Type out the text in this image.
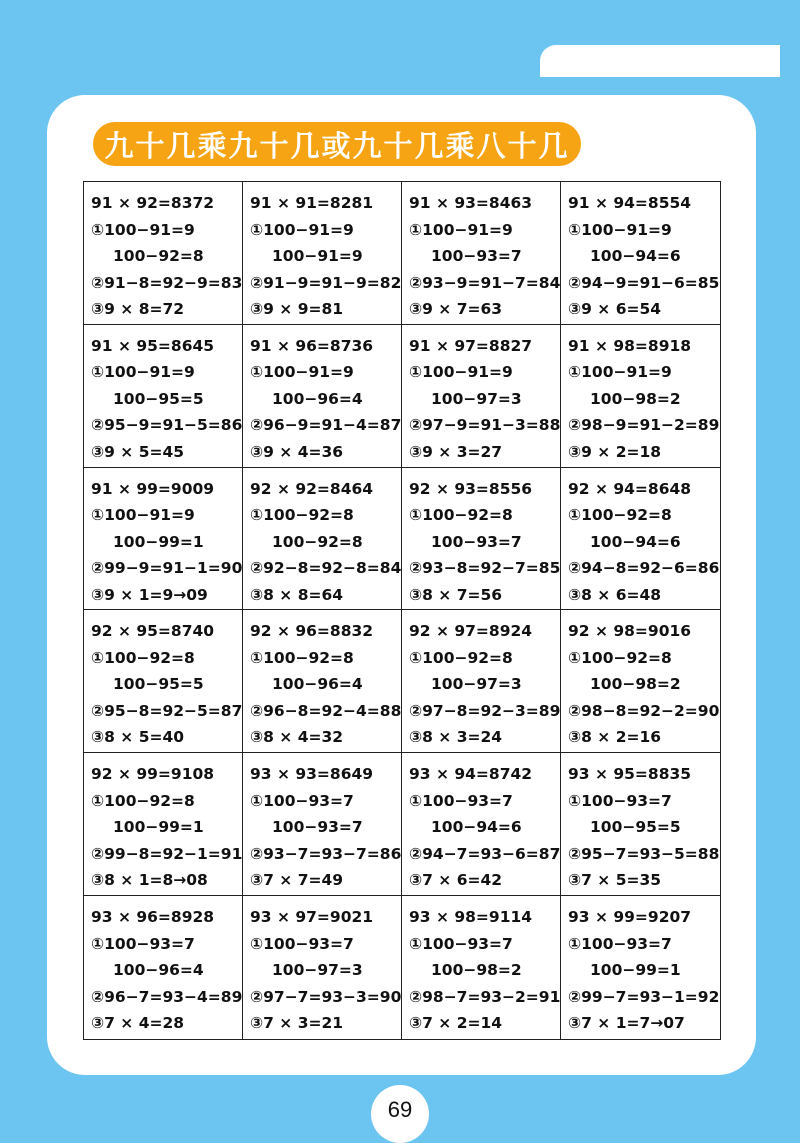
九十几乘九十几或九十几乘八十几
91 × 92=8372
①100−91=9
100−92=8
②91−8=92−9=83
③9 × 8=72
91 × 91=8281
①100−91=9
100−91=9
②91−9=91−9=82
③9 × 9=81
91 × 93=8463
①100−91=9
100−93=7
②93−9=91−7=84
③9 × 7=63
91 × 94=8554
①100−91=9
100−94=6
②94−9=91−6=85
③9 × 6=54
91 × 95=8645
①100−91=9
100−95=5
②95−9=91−5=86
③9 × 5=45
91 × 96=8736
①100−91=9
100−96=4
②96−9=91−4=87
③9 × 4=36
91 × 97=8827
①100−91=9
100−97=3
②97−9=91−3=88
③9 × 3=27
91 × 98=8918
①100−91=9
100−98=2
②98−9=91−2=89
③9 × 2=18
91 × 99=9009
①100−91=9
100−99=1
②99−9=91−1=90
③9 × 1=9→09
92 × 92=8464
①100−92=8
100−92=8
②92−8=92−8=84
③8 × 8=64
92 × 93=8556
①100−92=8
100−93=7
②93−8=92−7=85
③8 × 7=56
92 × 94=8648
①100−92=8
100−94=6
②94−8=92−6=86
③8 × 6=48
92 × 95=8740
①100−92=8
100−95=5
②95−8=92−5=87
③8 × 5=40
92 × 96=8832
①100−92=8
100−96=4
②96−8=92−4=88
③8 × 4=32
92 × 97=8924
①100−92=8
100−97=3
②97−8=92−3=89
③8 × 3=24
92 × 98=9016
①100−92=8
100−98=2
②98−8=92−2=90
③8 × 2=16
92 × 99=9108
①100−92=8
100−99=1
②99−8=92−1=91
③8 × 1=8→08
93 × 93=8649
①100−93=7
100−93=7
②93−7=93−7=86
③7 × 7=49
93 × 94=8742
①100−93=7
100−94=6
②94−7=93−6=87
③7 × 6=42
93 × 95=8835
①100−93=7
100−95=5
②95−7=93−5=88
③7 × 5=35
93 × 96=8928
①100−93=7
100−96=4
②96−7=93−4=89
③7 × 4=28
93 × 97=9021
①100−93=7
100−97=3
②97−7=93−3=90
③7 × 3=21
93 × 98=9114
①100−93=7
100−98=2
②98−7=93−2=91
③7 × 2=14
93 × 99=9207
①100−93=7
100−99=1
②99−7=93−1=92
③7 × 1=7→07
69
